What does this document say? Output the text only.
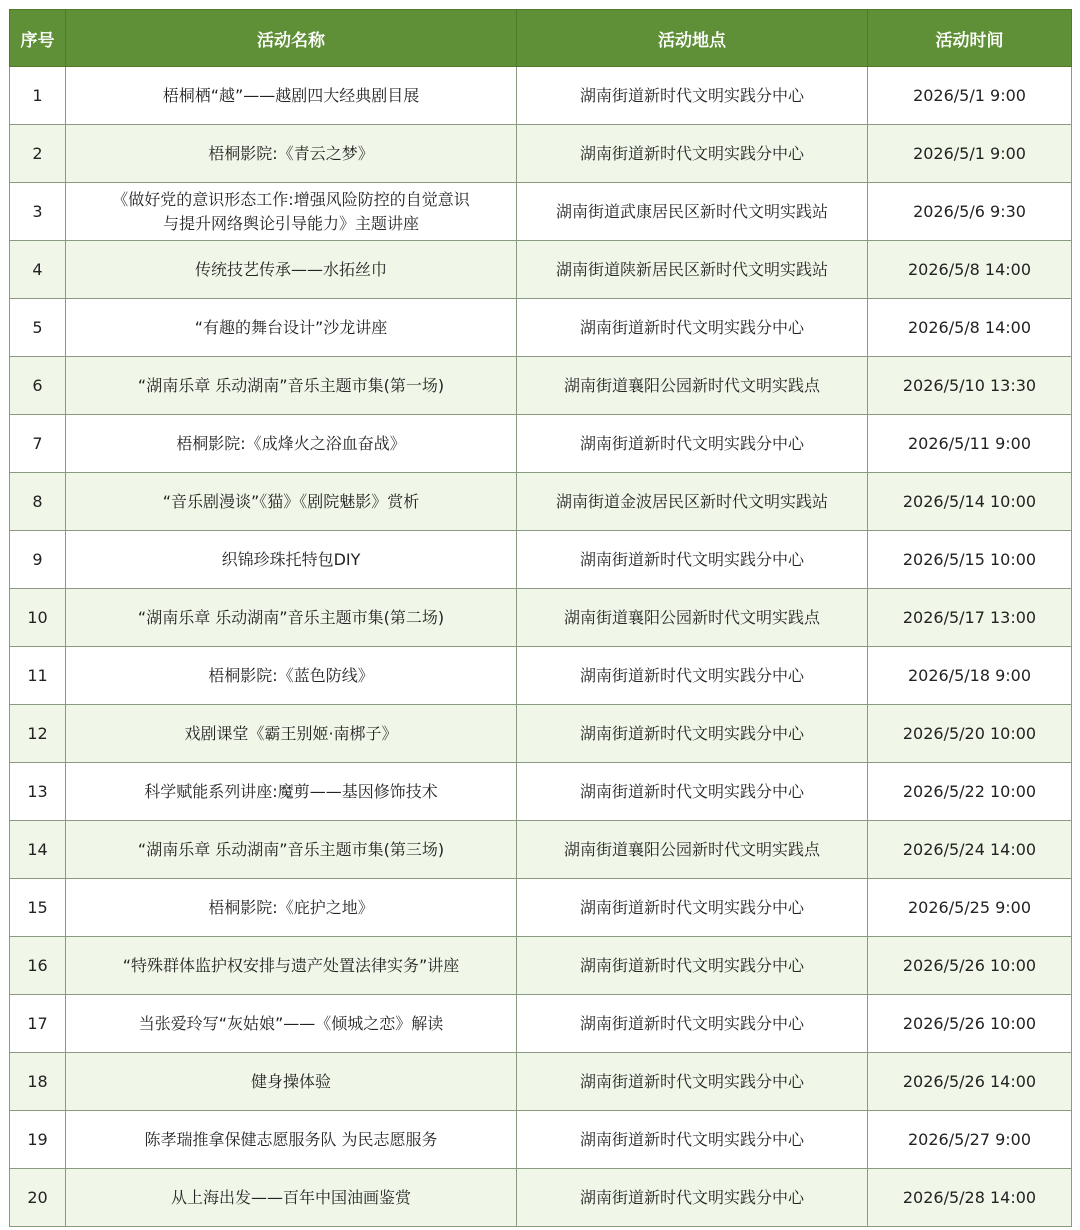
序号	活动名称	活动地点	活动时间
1	梧桐栖“越”——越剧四大经典剧目展	湖南街道新时代文明实践分中心	2026/5/1 9:00
2	梧桐影院:《青云之梦》	湖南街道新时代文明实践分中心	2026/5/1 9:00
3	《做好党的意识形态工作:增强风险防控的自觉意识
与提升网络舆论引导能力》主题讲座	湖南街道武康居民区新时代文明实践站	2026/5/6 9:30
4	传统技艺传承——水拓丝巾	湖南街道陕新居民区新时代文明实践站	2026/5/8 14:00
5	“有趣的舞台设计”沙龙讲座	湖南街道新时代文明实践分中心	2026/5/8 14:00
6	“湖南乐章 乐动湖南”音乐主题市集(第一场)	湖南街道襄阳公园新时代文明实践点	2026/5/10 13:30
7	梧桐影院:《成烽火之浴血奋战》	湖南街道新时代文明实践分中心	2026/5/11 9:00
8	“音乐剧漫谈”《猫》《剧院魅影》赏析	湖南街道金波居民区新时代文明实践站	2026/5/14 10:00
9	织锦珍珠托特包DIY	湖南街道新时代文明实践分中心	2026/5/15 10:00
10	“湖南乐章 乐动湖南”音乐主题市集(第二场)	湖南街道襄阳公园新时代文明实践点	2026/5/17 13:00
11	梧桐影院:《蓝色防线》	湖南街道新时代文明实践分中心	2026/5/18 9:00
12	戏剧课堂《霸王别姬·南梆子》	湖南街道新时代文明实践分中心	2026/5/20 10:00
13	科学赋能系列讲座:魔剪——基因修饰技术	湖南街道新时代文明实践分中心	2026/5/22 10:00
14	“湖南乐章 乐动湖南”音乐主题市集(第三场)	湖南街道襄阳公园新时代文明实践点	2026/5/24 14:00
15	梧桐影院:《庇护之地》	湖南街道新时代文明实践分中心	2026/5/25 9:00
16	“特殊群体监护权安排与遗产处置法律实务”讲座	湖南街道新时代文明实践分中心	2026/5/26 10:00
17	当张爱玲写“灰姑娘”——《倾城之恋》解读	湖南街道新时代文明实践分中心	2026/5/26 10:00
18	健身操体验	湖南街道新时代文明实践分中心	2026/5/26 14:00
19	陈孝瑞推拿保健志愿服务队 为民志愿服务	湖南街道新时代文明实践分中心	2026/5/27 9:00
20	从上海出发——百年中国油画鉴赏	湖南街道新时代文明实践分中心	2026/5/28 14:00
